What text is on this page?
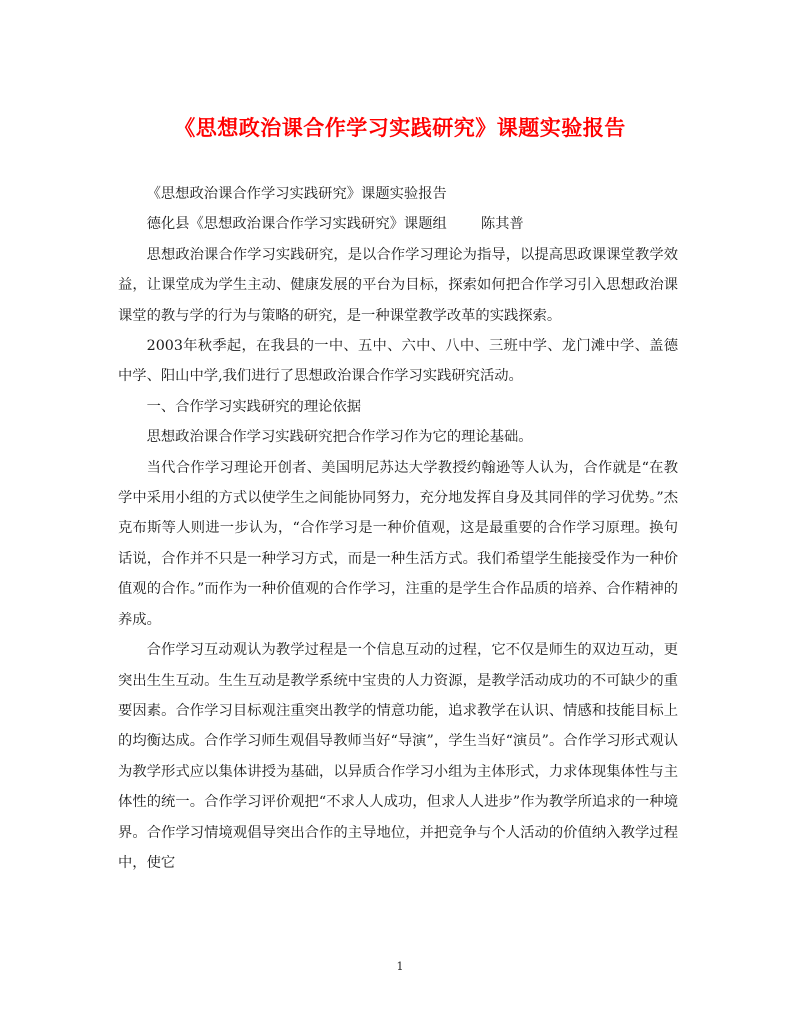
《思想政治课合作学习实践研究》课题实验报告

《思想政治课合作学习实践研究》课题实验报告

德化县《思想政治课合作学习实践研究》课题组 陈其普

思想政治课合作学习实践研究，是以合作学习理论为指导，以提高思政课课堂教学效益，让课堂成为学生主动、健康发展的平台为目标，探索如何把合作学习引入思想政治课课堂的教与学的行为与策略的研究，是一种课堂教学改革的实践探索。

2003年秋季起，在我县的一中、五中、六中、八中、三班中学、龙门滩中学、盖德中学、阳山中学,我们进行了思想政治课合作学习实践研究活动。

一、合作学习实践研究的理论依据

思想政治课合作学习实践研究把合作学习作为它的理论基础。

当代合作学习理论开创者、美国明尼苏达大学教授约翰逊等人认为，合作就是“在教学中采用小组的方式以使学生之间能协同努力，充分地发挥自身及其同伴的学习优势。”杰克布斯等人则进一步认为，“合作学习是一种价值观，这是最重要的合作学习原理。换句话说，合作并不只是一种学习方式，而是一种生活方式。我们希望学生能接受作为一种价值观的合作。”而作为一种价值观的合作学习，注重的是学生合作品质的培养、合作精神的养成。

合作学习互动观认为教学过程是一个信息互动的过程，它不仅是师生的双边互动，更突出生生互动。生生互动是教学系统中宝贵的人力资源，是教学活动成功的不可缺少的重要因素。合作学习目标观注重突出教学的情意功能，追求教学在认识、情感和技能目标上的均衡达成。合作学习师生观倡导教师当好“导演”，学生当好“演员”。合作学习形式观认为教学形式应以集体讲授为基础，以异质合作学习小组为主体形式，力求体现集体性与主体性的统一。合作学习评价观把“不求人人成功，但求人人进步”作为教学所追求的一种境界。合作学习情境观倡导突出合作的主导地位，并把竞争与个人活动的价值纳入教学过程中，使它

1
